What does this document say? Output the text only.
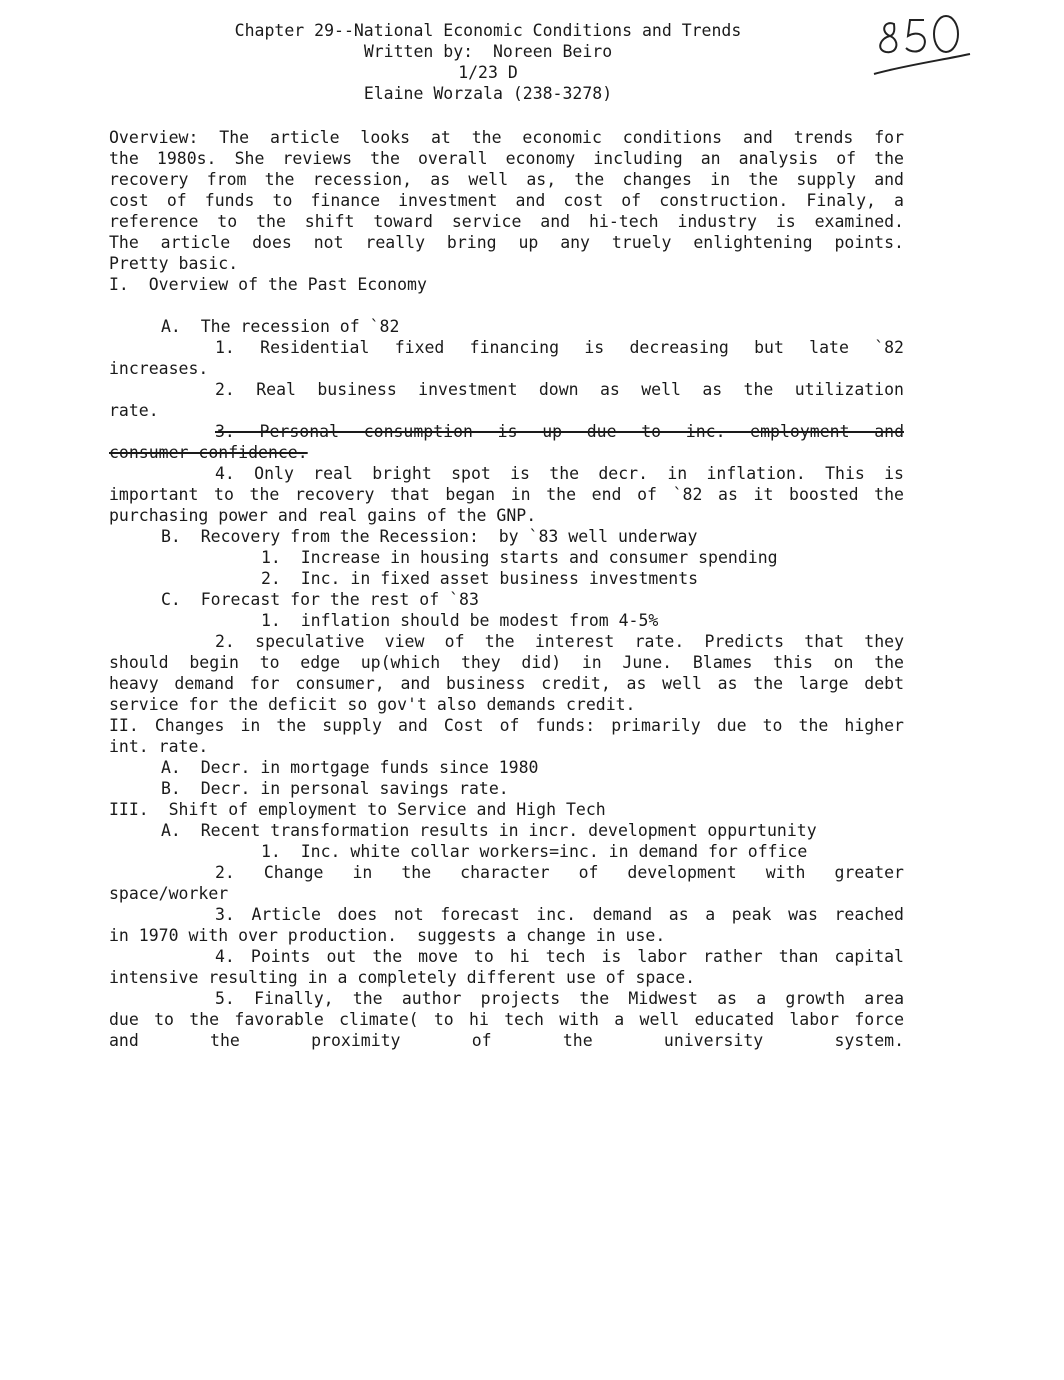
Chapter 29--National Economic Conditions and Trends
Written by:  Noreen Beiro
1/23 D
Elaine Worzala (238-3278)
Overview: The article looks at the economic conditions and trends for
the 1980s. She reviews the overall economy including an analysis of the
recovery from the recession, as well as, the changes in the supply and
cost of funds to finance investment and cost of construction. Finaly, a
reference to the shift toward service and hi-tech industry is examined.
The article does not really bring up any truely enlightening points.
Pretty basic.
I.  Overview of the Past Economy
A.  The recession of `82
1. Residential fixed financing is decreasing but late `82
increases.
2. Real business investment down as well as the utilization
rate.
3. Personal consumption is up due to inc. employment and
consumer confidence.
4. Only real bright spot is the decr. in inflation. This is
important to the recovery that began in the end of `82 as it boosted the
purchasing power and real gains of the GNP.
B.  Recovery from the Recession:  by `83 well underway
1.  Increase in housing starts and consumer spending
2.  Inc. in fixed asset business investments
C.  Forecast for the rest of `83
1.  inflation should be modest from 4-5%
2. speculative view of the interest rate. Predicts that they
should begin to edge up(which they did) in June. Blames this on the
heavy demand for consumer, and business credit, as well as the large debt
service for the deficit so gov't also demands credit.
II. Changes in the supply and Cost of funds: primarily due to the higher
int. rate.
A.  Decr. in mortgage funds since 1980
B.  Decr. in personal savings rate.
III.  Shift of employment to Service and High Tech
A.  Recent transformation results in incr. development oppurtunity
1.  Inc. white collar workers=inc. in demand for office
2. Change in the character of development with greater
space/worker
3. Article does not forecast inc. demand as a peak was reached
in 1970 with over production.  suggests a change in use.
4. Points out the move to hi tech is labor rather than capital
intensive resulting in a completely different use of space.
5. Finally, the author projects the Midwest as a growth area
due to the favorable climate( to hi tech with a well educated labor force
and the proximity of the university system.
